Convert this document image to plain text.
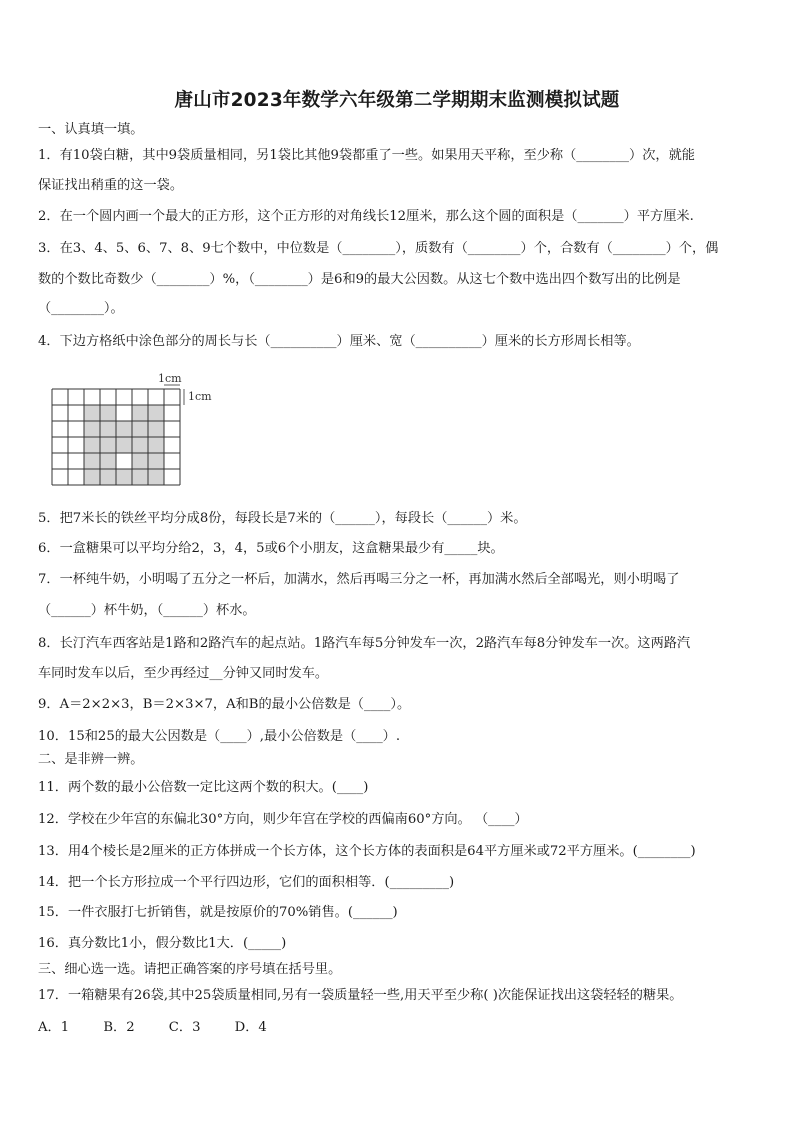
唐山市2023年数学六年级第二学期期末监测模拟试题
一、认真填一填。
1．有10袋白糖，其中9袋质量相同，另1袋比其他9袋都重了一些。如果用天平称，至少称（________）次，就能
保证找出稍重的这一袋。
2．在一个圆内画一个最大的正方形，这个正方形的对角线长12厘米，那么这个圆的面积是（_______）平方厘米.
3．在3、4、5、6、7、8、9七个数中，中位数是（________），质数有（________）个，合数有（________）个，偶
数的个数比奇数少（________）%，（________）是6和9的最大公因数。从这七个数中选出四个数写出的比例是
（________）。
4．下边方格纸中涂色部分的周长与长（__________）厘米、宽（__________）厘米的长方形周长相等。
1cm
1cm
5．把7米长的铁丝平均分成8份，每段长是7米的（______），每段长（______）米。
6．一盒糖果可以平均分给2，3，4，5或6个小朋友，这盒糖果最少有_____块。
7．一杯纯牛奶，小明喝了五分之一杯后，加满水，然后再喝三分之一杯，再加满水然后全部喝光，则小明喝了
（______）杯牛奶，（______）杯水。
8．长汀汽车西客站是1路和2路汽车的起点站。1路汽车每5分钟发车一次，2路汽车每8分钟发车一次。这两路汽
车同时发车以后，至少再经过__分钟又同时发车。
9．A＝2×2×3，B＝2×3×7，A和B的最小公倍数是（____）。
10．15和25的最大公因数是（____）,最小公倍数是（____）.
二、是非辨一辨。
11．两个数的最小公倍数一定比这两个数的积大。(____)
12．学校在少年宫的东偏北30°方向，则少年宫在学校的西偏南60°方向。 （____）
13．用4个棱长是2厘米的正方体拼成一个长方体，这个长方体的表面积是64平方厘米或72平方厘米。(________)
14．把一个长方形拉成一个平行四边形，它们的面积相等．(_________)
15．一件衣服打七折销售，就是按原价的70%销售。(______)
16．真分数比1小，假分数比1大．(_____)
三、细心选一选。请把正确答案的序号填在括号里。
17．一箱糖果有26袋,其中25袋质量相同,另有一袋质量轻一些,用天平至少称( )次能保证找出这袋轻轻的糖果。
A．1	B．2	C．3	D．4
